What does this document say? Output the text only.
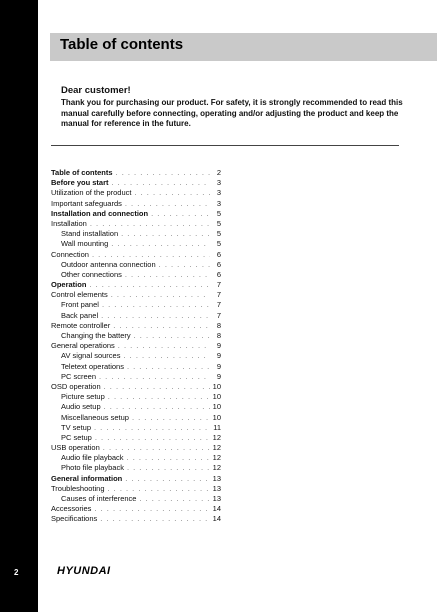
Table of contents
Dear customer!
Thank you for purchasing our product. For safety, it is strongly recommended to read this manual carefully before connecting, operating and/or adjusting the product and keep the manual for reference in the future.
Table of contents . . .	2
Before you start . . .	3
Utilization of the product . . .	3
Important safeguards . . .	3
Installation and connection . . .	5
Installation . . .	5
Stand installation . . .	5
Wall mounting . . .	5
Connection . . .	6
Outdoor antenna connection . . .	6
Other connections . . .	6
Operation . . .	7
Control elements . . .	7
Front panel . . .	7
Back panel . . .	7
Remote controller . . .	8
Changing the battery . . .	8
General operations . . .	9
AV signal sources . . .	9
Teletext operations . . .	9
PC screen . . .	9
OSD operation . . .	10
Picture setup . . .	10
Audio setup . . .	10
Miscellaneous setup . . .	10
TV setup . . .	11
PC setup . . .	12
USB operation . . .	12
Audio file playback . . .	12
Photo file playback . . .	12
General information . . .	13
Troubleshooting . . .	13
Causes of interference . . .	13
Accessories . . .	14
Specifications . . .	14
2	HYUNDAI
